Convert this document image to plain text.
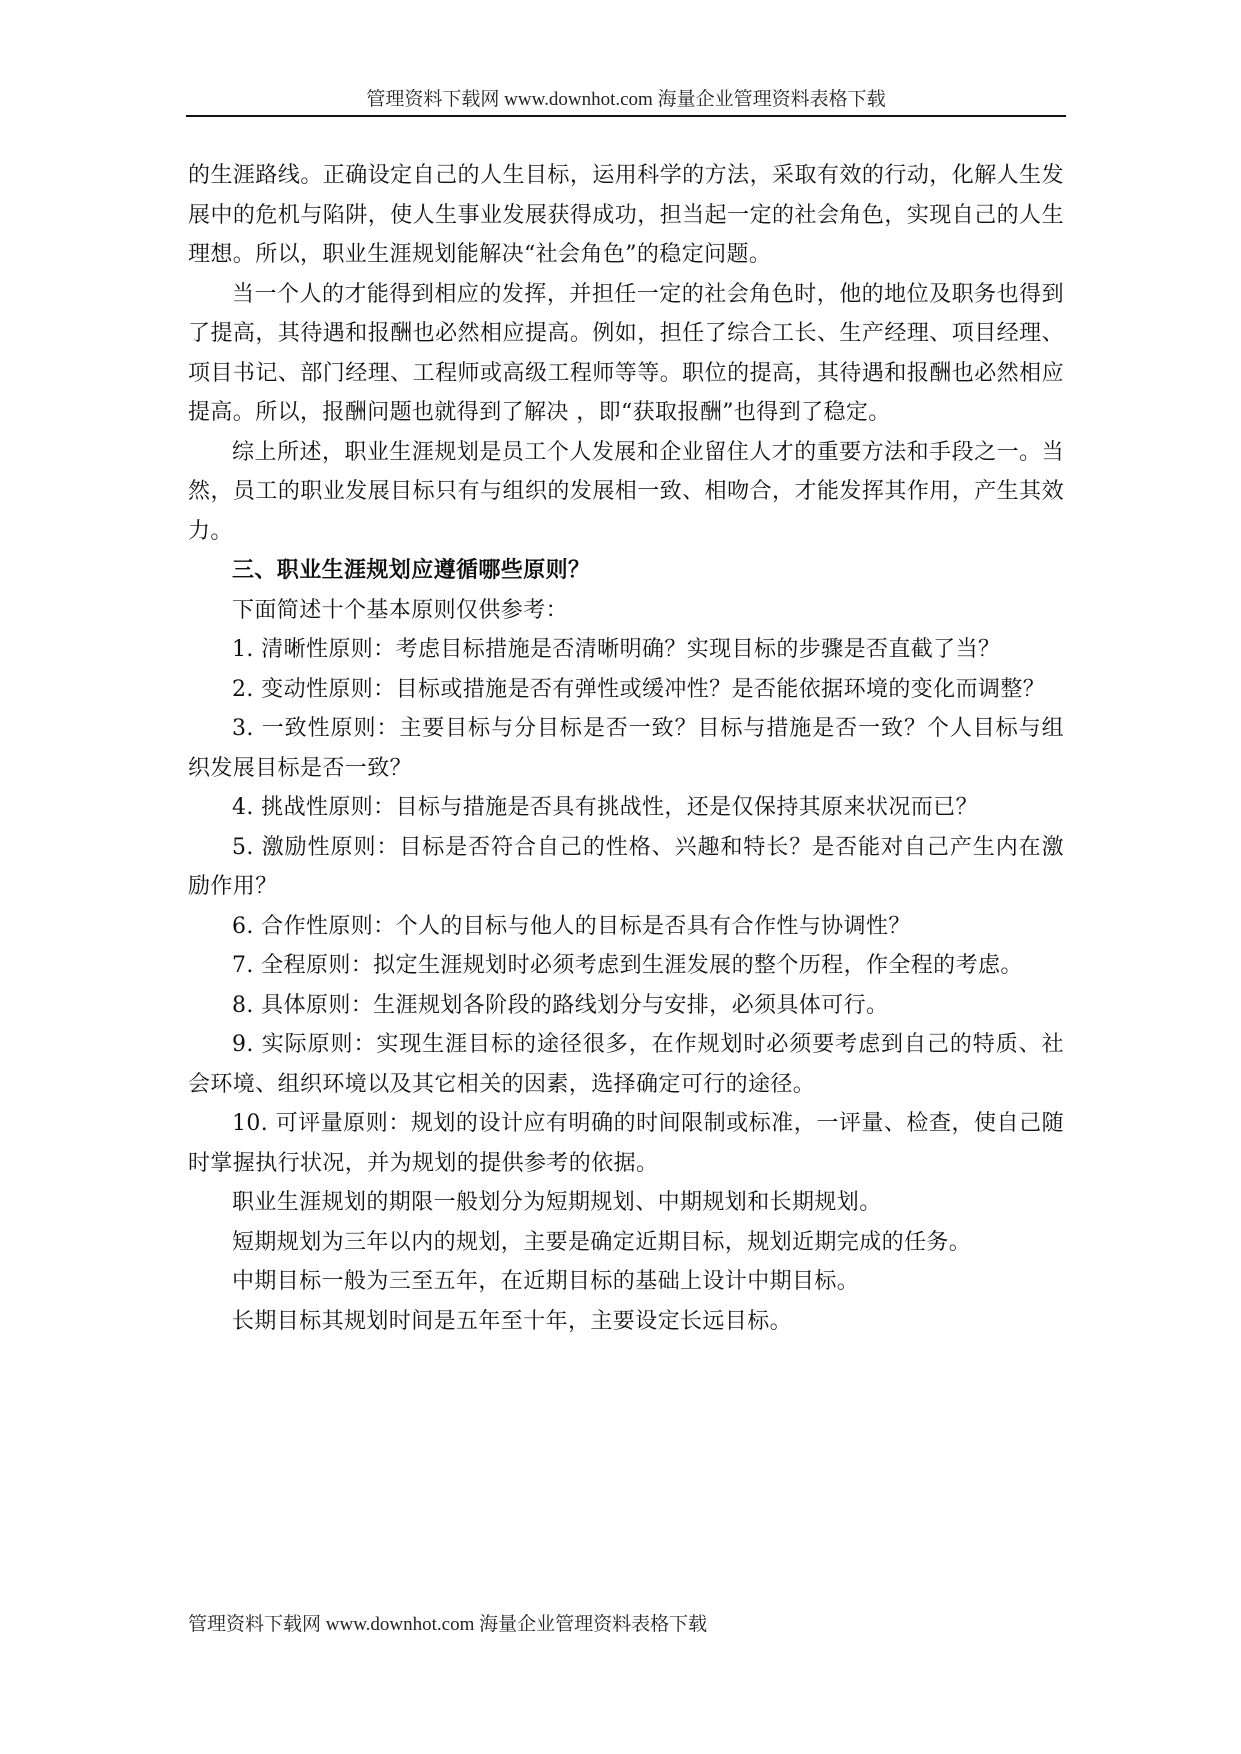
管理资料下载网 www.downhot.com 海量企业管理资料表格下载

的生涯路线。正确设定自己的人生目标，运用科学的方法，采取有效的行动，化解人生发展中的危机与陷阱，使人生事业发展获得成功，担当起一定的社会角色，实现自己的人生理想。所以，职业生涯规划能解决“社会角色”的稳定问题。

当一个人的才能得到相应的发挥，并担任一定的社会角色时，他的地位及职务也得到了提高，其待遇和报酬也必然相应提高。例如，担任了综合工长、生产经理、项目经理、项目书记、部门经理、工程师或高级工程师等等。职位的提高，其待遇和报酬也必然相应提高。所以，报酬问题也就得到了解决 ，即“获取报酬”也得到了稳定。

综上所述，职业生涯规划是员工个人发展和企业留住人才的重要方法和手段之一。当然，员工的职业发展目标只有与组织的发展相一致、相吻合，才能发挥其作用，产生其效力。

三、职业生涯规划应遵循哪些原则？

下面简述十个基本原则仅供参考：

1. 清晰性原则：考虑目标措施是否清晰明确？实现目标的步骤是否直截了当？

2. 变动性原则：目标或措施是否有弹性或缓冲性？是否能依据环境的变化而调整？

3. 一致性原则：主要目标与分目标是否一致？目标与措施是否一致？个人目标与组织发展目标是否一致？

4. 挑战性原则：目标与措施是否具有挑战性，还是仅保持其原来状况而已？

5. 激励性原则：目标是否符合自己的性格、兴趣和特长？是否能对自己产生内在激励作用？

6. 合作性原则：个人的目标与他人的目标是否具有合作性与协调性？

7. 全程原则：拟定生涯规划时必须考虑到生涯发展的整个历程，作全程的考虑。

8. 具体原则：生涯规划各阶段的路线划分与安排，必须具体可行。

9. 实际原则：实现生涯目标的途径很多，在作规划时必须要考虑到自己的特质、社会环境、组织环境以及其它相关的因素，选择确定可行的途径。

10. 可评量原则：规划的设计应有明确的时间限制或标准，一评量、检查，使自己随时掌握执行状况，并为规划的提供参考的依据。

职业生涯规划的期限一般划分为短期规划、中期规划和长期规划。

短期规划为三年以内的规划，主要是确定近期目标，规划近期完成的任务。

中期目标一般为三至五年，在近期目标的基础上设计中期目标。

长期目标其规划时间是五年至十年，主要设定长远目标。

管理资料下载网 www.downhot.com 海量企业管理资料表格下载
